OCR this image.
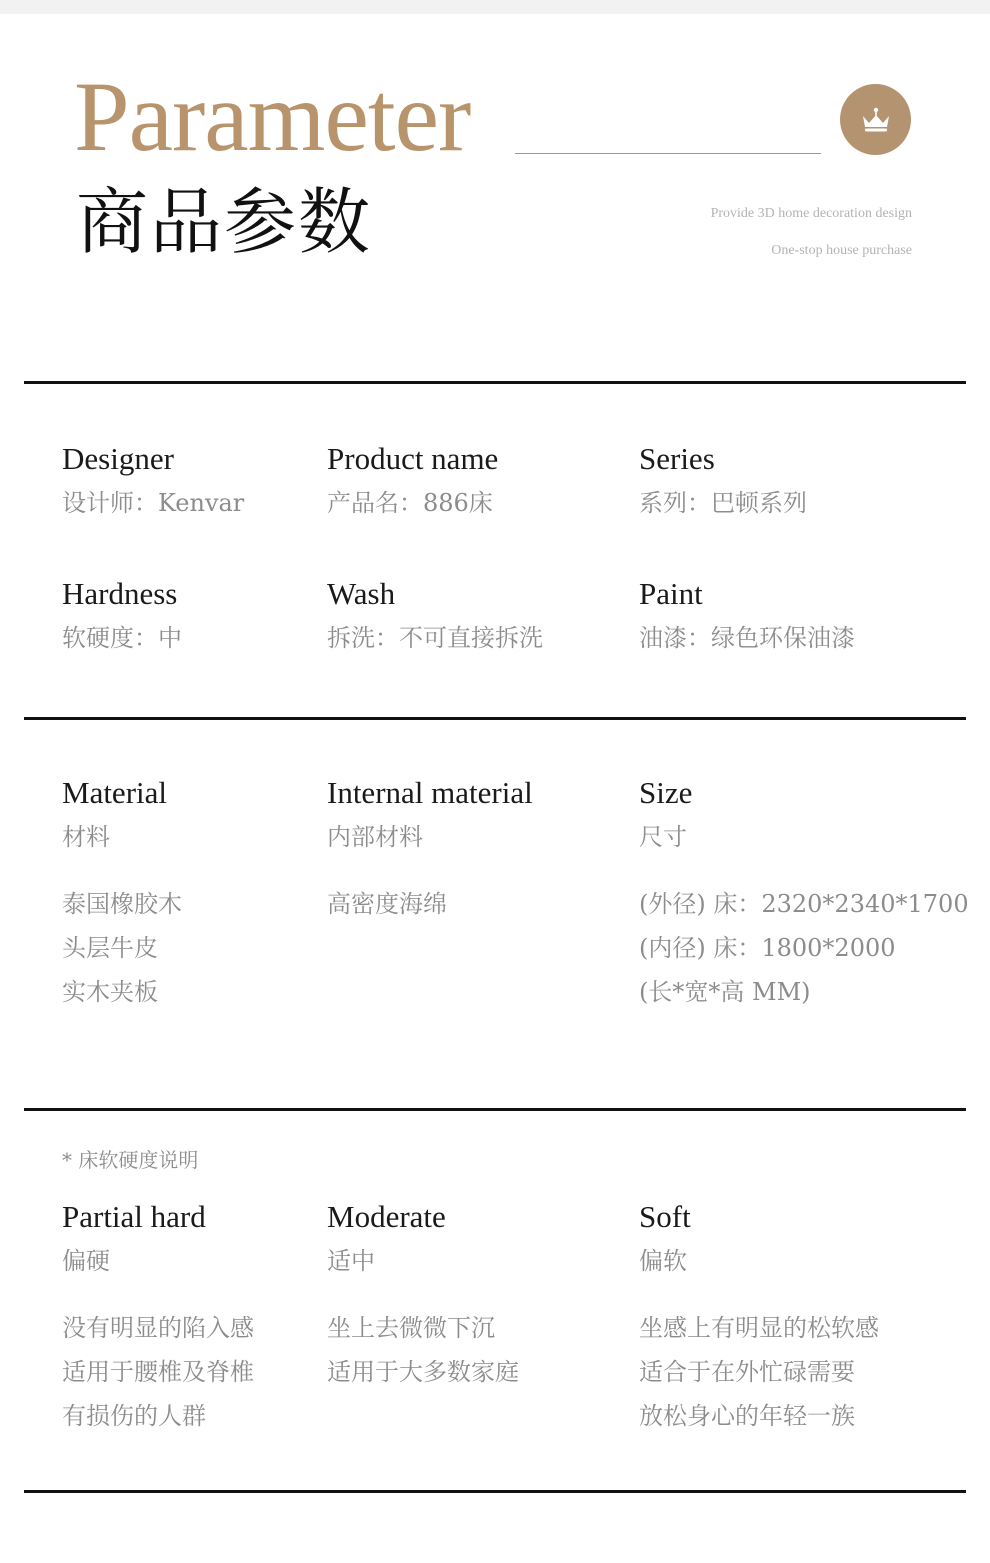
Parameter
商品参数	Provide 3D home decoration design
One-stop house purchase
Designer
设计师：Kenvar
Product name
产品名：886床
Series
系列：巴顿系列
Hardness
软硬度：中
Wash
拆洗：不可直接拆洗
Paint
油漆：绿色环保油漆
Material
材料
Internal material
内部材料
Size
尺寸
泰国橡胶木
头层牛皮
实木夹板
高密度海绵	(外径) 床：2320*2340*1700
(内径) 床：1800*2000
(长*宽*高 MM)
* 床软硬度说明
Partial hard
偏硬
Moderate
适中
Soft
偏软
没有明显的陷入感
适用于腰椎及脊椎
有损伤的人群
坐上去微微下沉
适用于大多数家庭
坐感上有明显的松软感
适合于在外忙碌需要
放松身心的年轻一族
